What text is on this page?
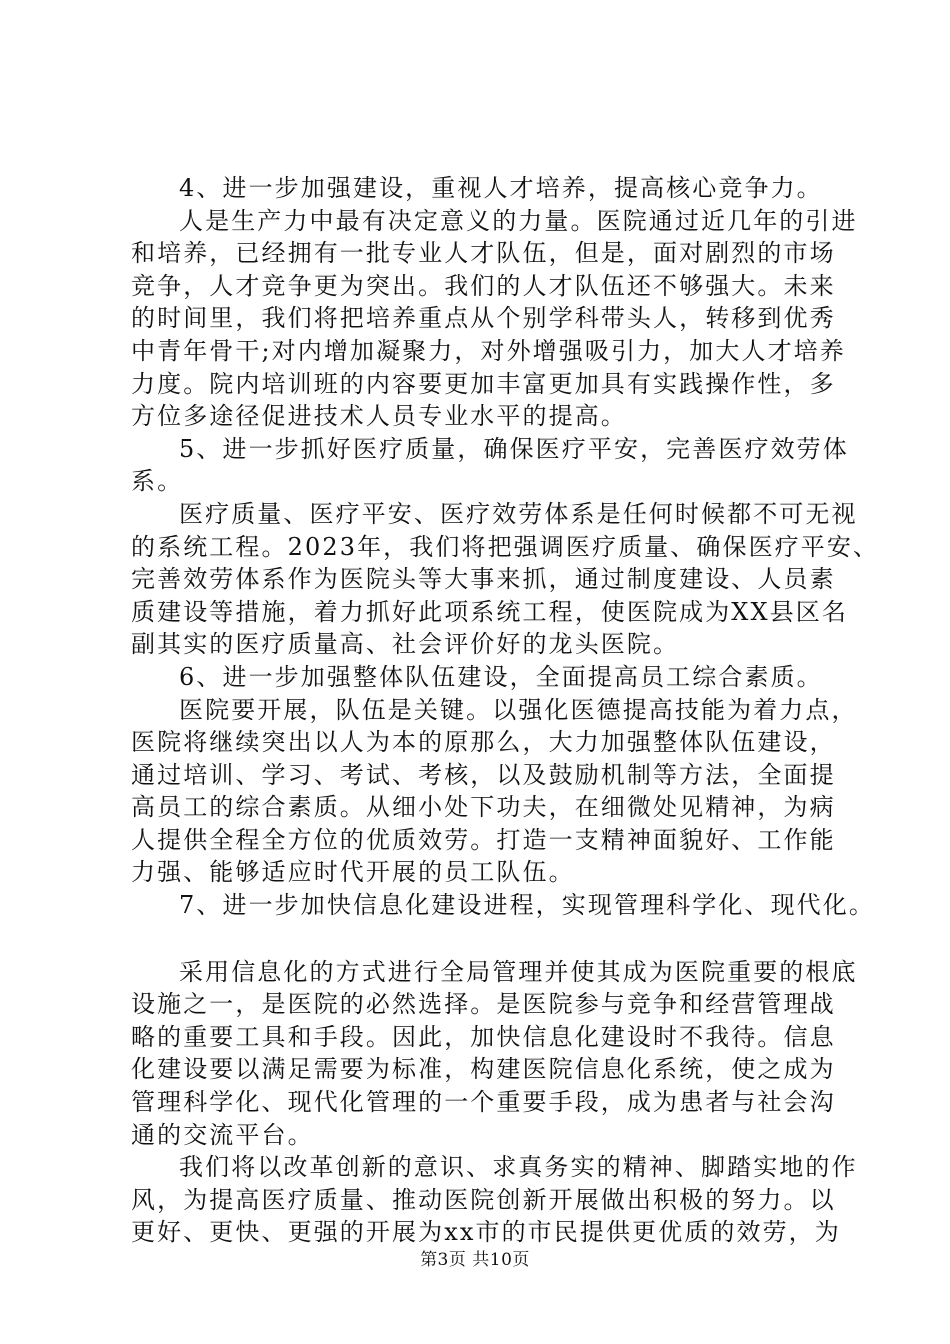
4、进一步加强建设，重视人才培养，提高核心竞争力。
人是生产力中最有决定意义的力量。医院通过近几年的引进
和培养，已经拥有一批专业人才队伍，但是，面对剧烈的市场
竞争，人才竞争更为突出。我们的人才队伍还不够强大。未来
的时间里，我们将把培养重点从个别学科带头人，转移到优秀
中青年骨干;对内增加凝聚力，对外增强吸引力，加大人才培养
力度。院内培训班的内容要更加丰富更加具有实践操作性，多
方位多途径促进技术人员专业水平的提高。
5、进一步抓好医疗质量，确保医疗平安，完善医疗效劳体
系。
医疗质量、医疗平安、医疗效劳体系是任何时候都不可无视
的系统工程。2023年，我们将把强调医疗质量、确保医疗平安、
完善效劳体系作为医院头等大事来抓，通过制度建设、人员素
质建设等措施，着力抓好此项系统工程，使医院成为XX县区名
副其实的医疗质量高、社会评价好的龙头医院。
6、进一步加强整体队伍建设，全面提高员工综合素质。
医院要开展，队伍是关键。以强化医德提高技能为着力点，
医院将继续突出以人为本的原那么，大力加强整体队伍建设，
通过培训、学习、考试、考核，以及鼓励机制等方法，全面提
高员工的综合素质。从细小处下功夫，在细微处见精神，为病
人提供全程全方位的优质效劳。打造一支精神面貌好、工作能
力强、能够适应时代开展的员工队伍。
7、进一步加快信息化建设进程，实现管理科学化、现代化。
采用信息化的方式进行全局管理并使其成为医院重要的根底
设施之一，是医院的必然选择。是医院参与竞争和经营管理战
略的重要工具和手段。因此，加快信息化建设时不我待。信息
化建设要以满足需要为标准，构建医院信息化系统，使之成为
管理科学化、现代化管理的一个重要手段，成为患者与社会沟
通的交流平台。
我们将以改革创新的意识、求真务实的精神、脚踏实地的作
风，为提高医疗质量、推动医院创新开展做出积极的努力。以
更好、更快、更强的开展为xx市的市民提供更优质的效劳，为
第3页 共10页
